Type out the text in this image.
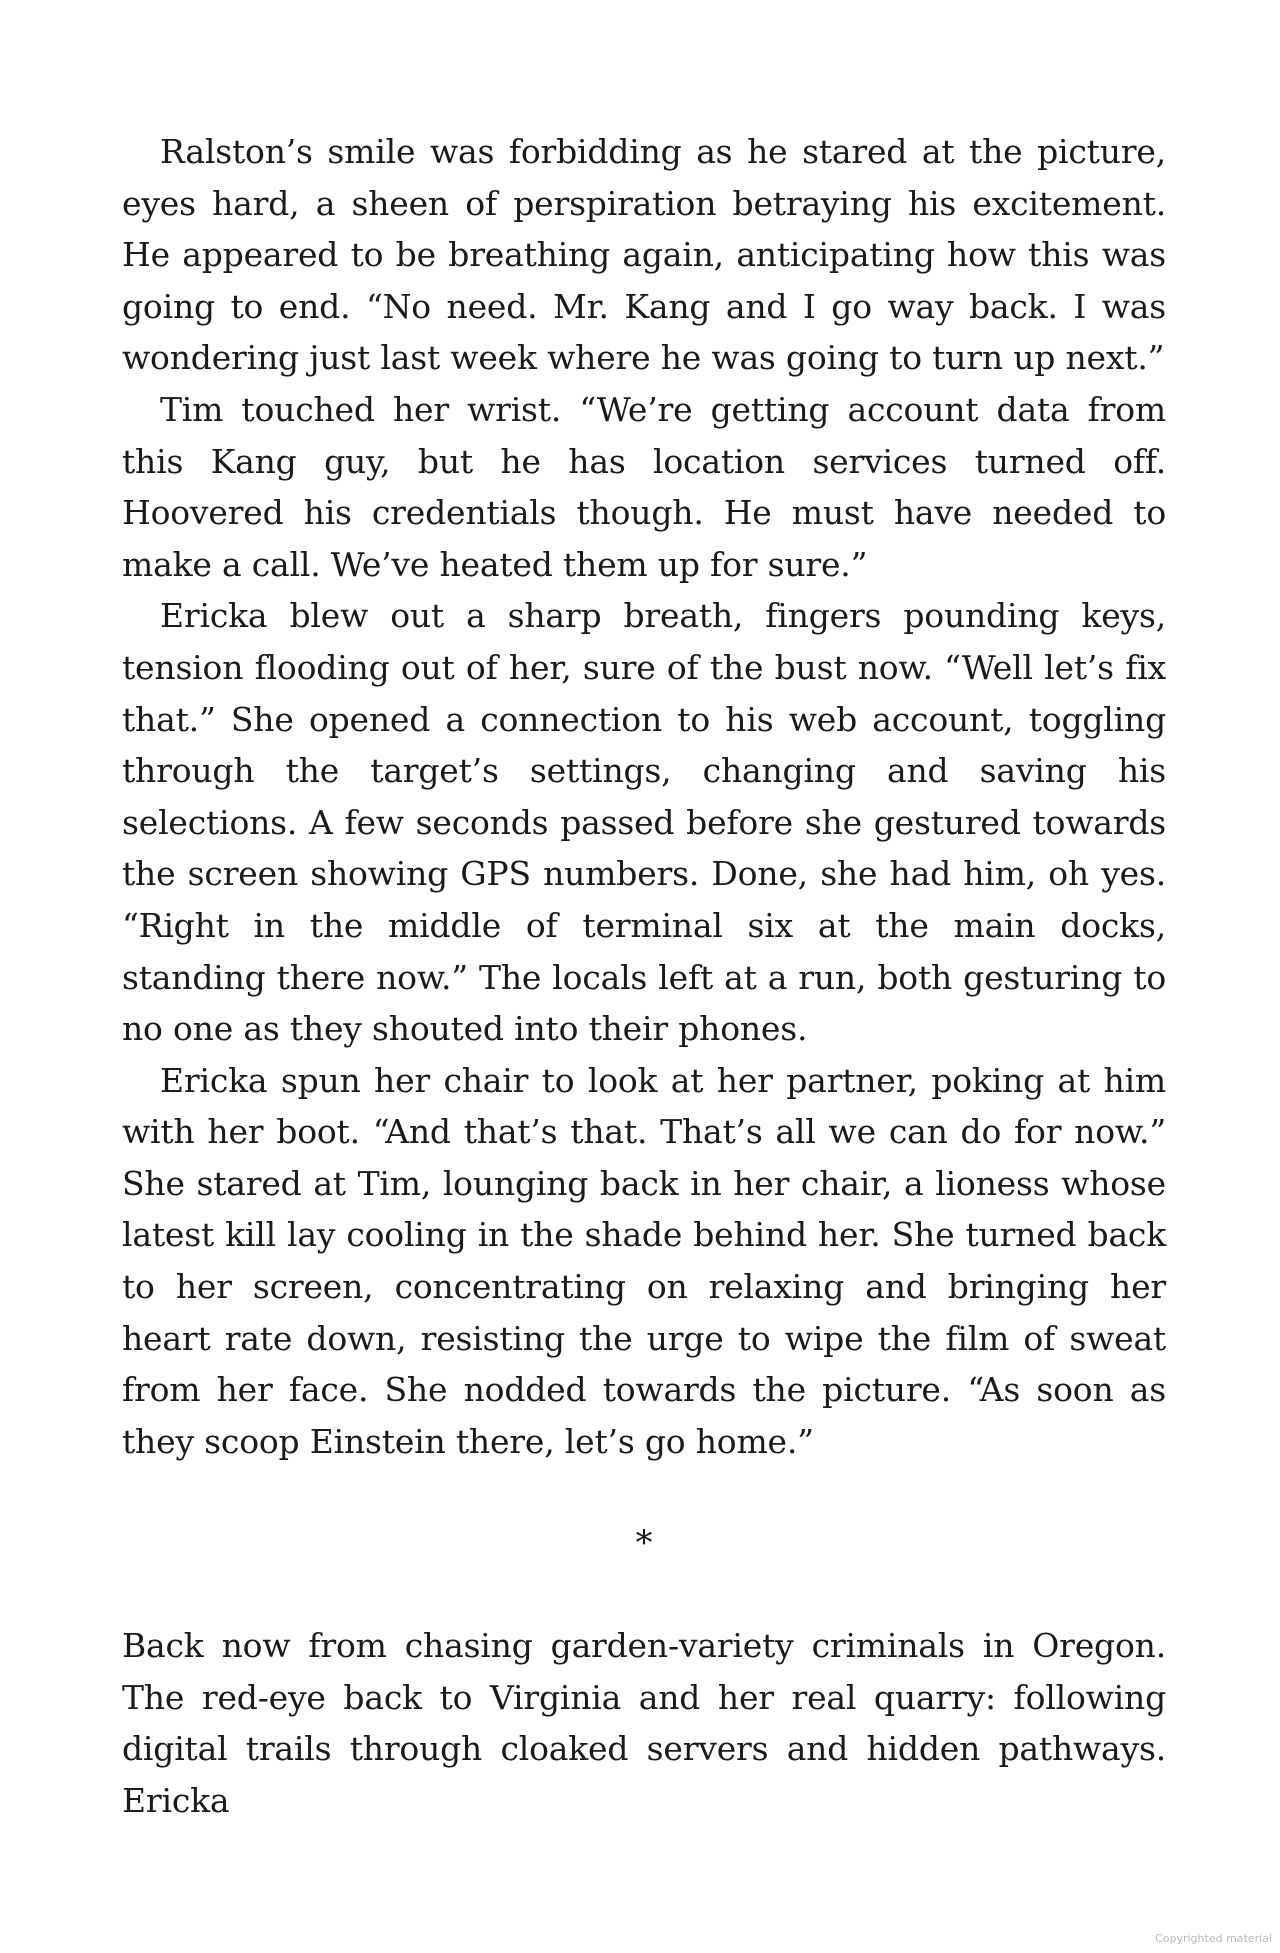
Ralston’s smile was forbidding as he stared at the picture, eyes hard, a sheen of perspiration betraying his excitement. He appeared to be breathing again, anticipating how this was going to end. “No need. Mr. Kang and I go way back. I was wondering just last week where he was going to turn up next.”

Tim touched her wrist. “We’re getting account data from this Kang guy, but he has location services turned off. Hoovered his credentials though. He must have needed to make a call. We’ve heated them up for sure.”

Ericka blew out a sharp breath, fingers pounding keys, tension flooding out of her, sure of the bust now. “Well let’s fix that.” She opened a connection to his web account, toggling through the target’s settings, changing and saving his selections. A few seconds passed before she gestured towards the screen showing GPS numbers. Done, she had him, oh yes. “Right in the middle of terminal six at the main docks, standing there now.” The locals left at a run, both gesturing to no one as they shouted into their phones.

Ericka spun her chair to look at her partner, poking at him with her boot. “And that’s that. That’s all we can do for now.” She stared at Tim, lounging back in her chair, a lioness whose latest kill lay cooling in the shade behind her. She turned back to her screen, concentrating on relaxing and bringing her heart rate down, resisting the urge to wipe the film of sweat from her face. She nodded towards the picture. “As soon as they scoop Einstein there, let’s go home.”

*

Back now from chasing garden-variety criminals in Oregon. The red-eye back to Virginia and her real quarry: following digital trails through cloaked servers and hidden pathways. Ericka

Copyrighted material
